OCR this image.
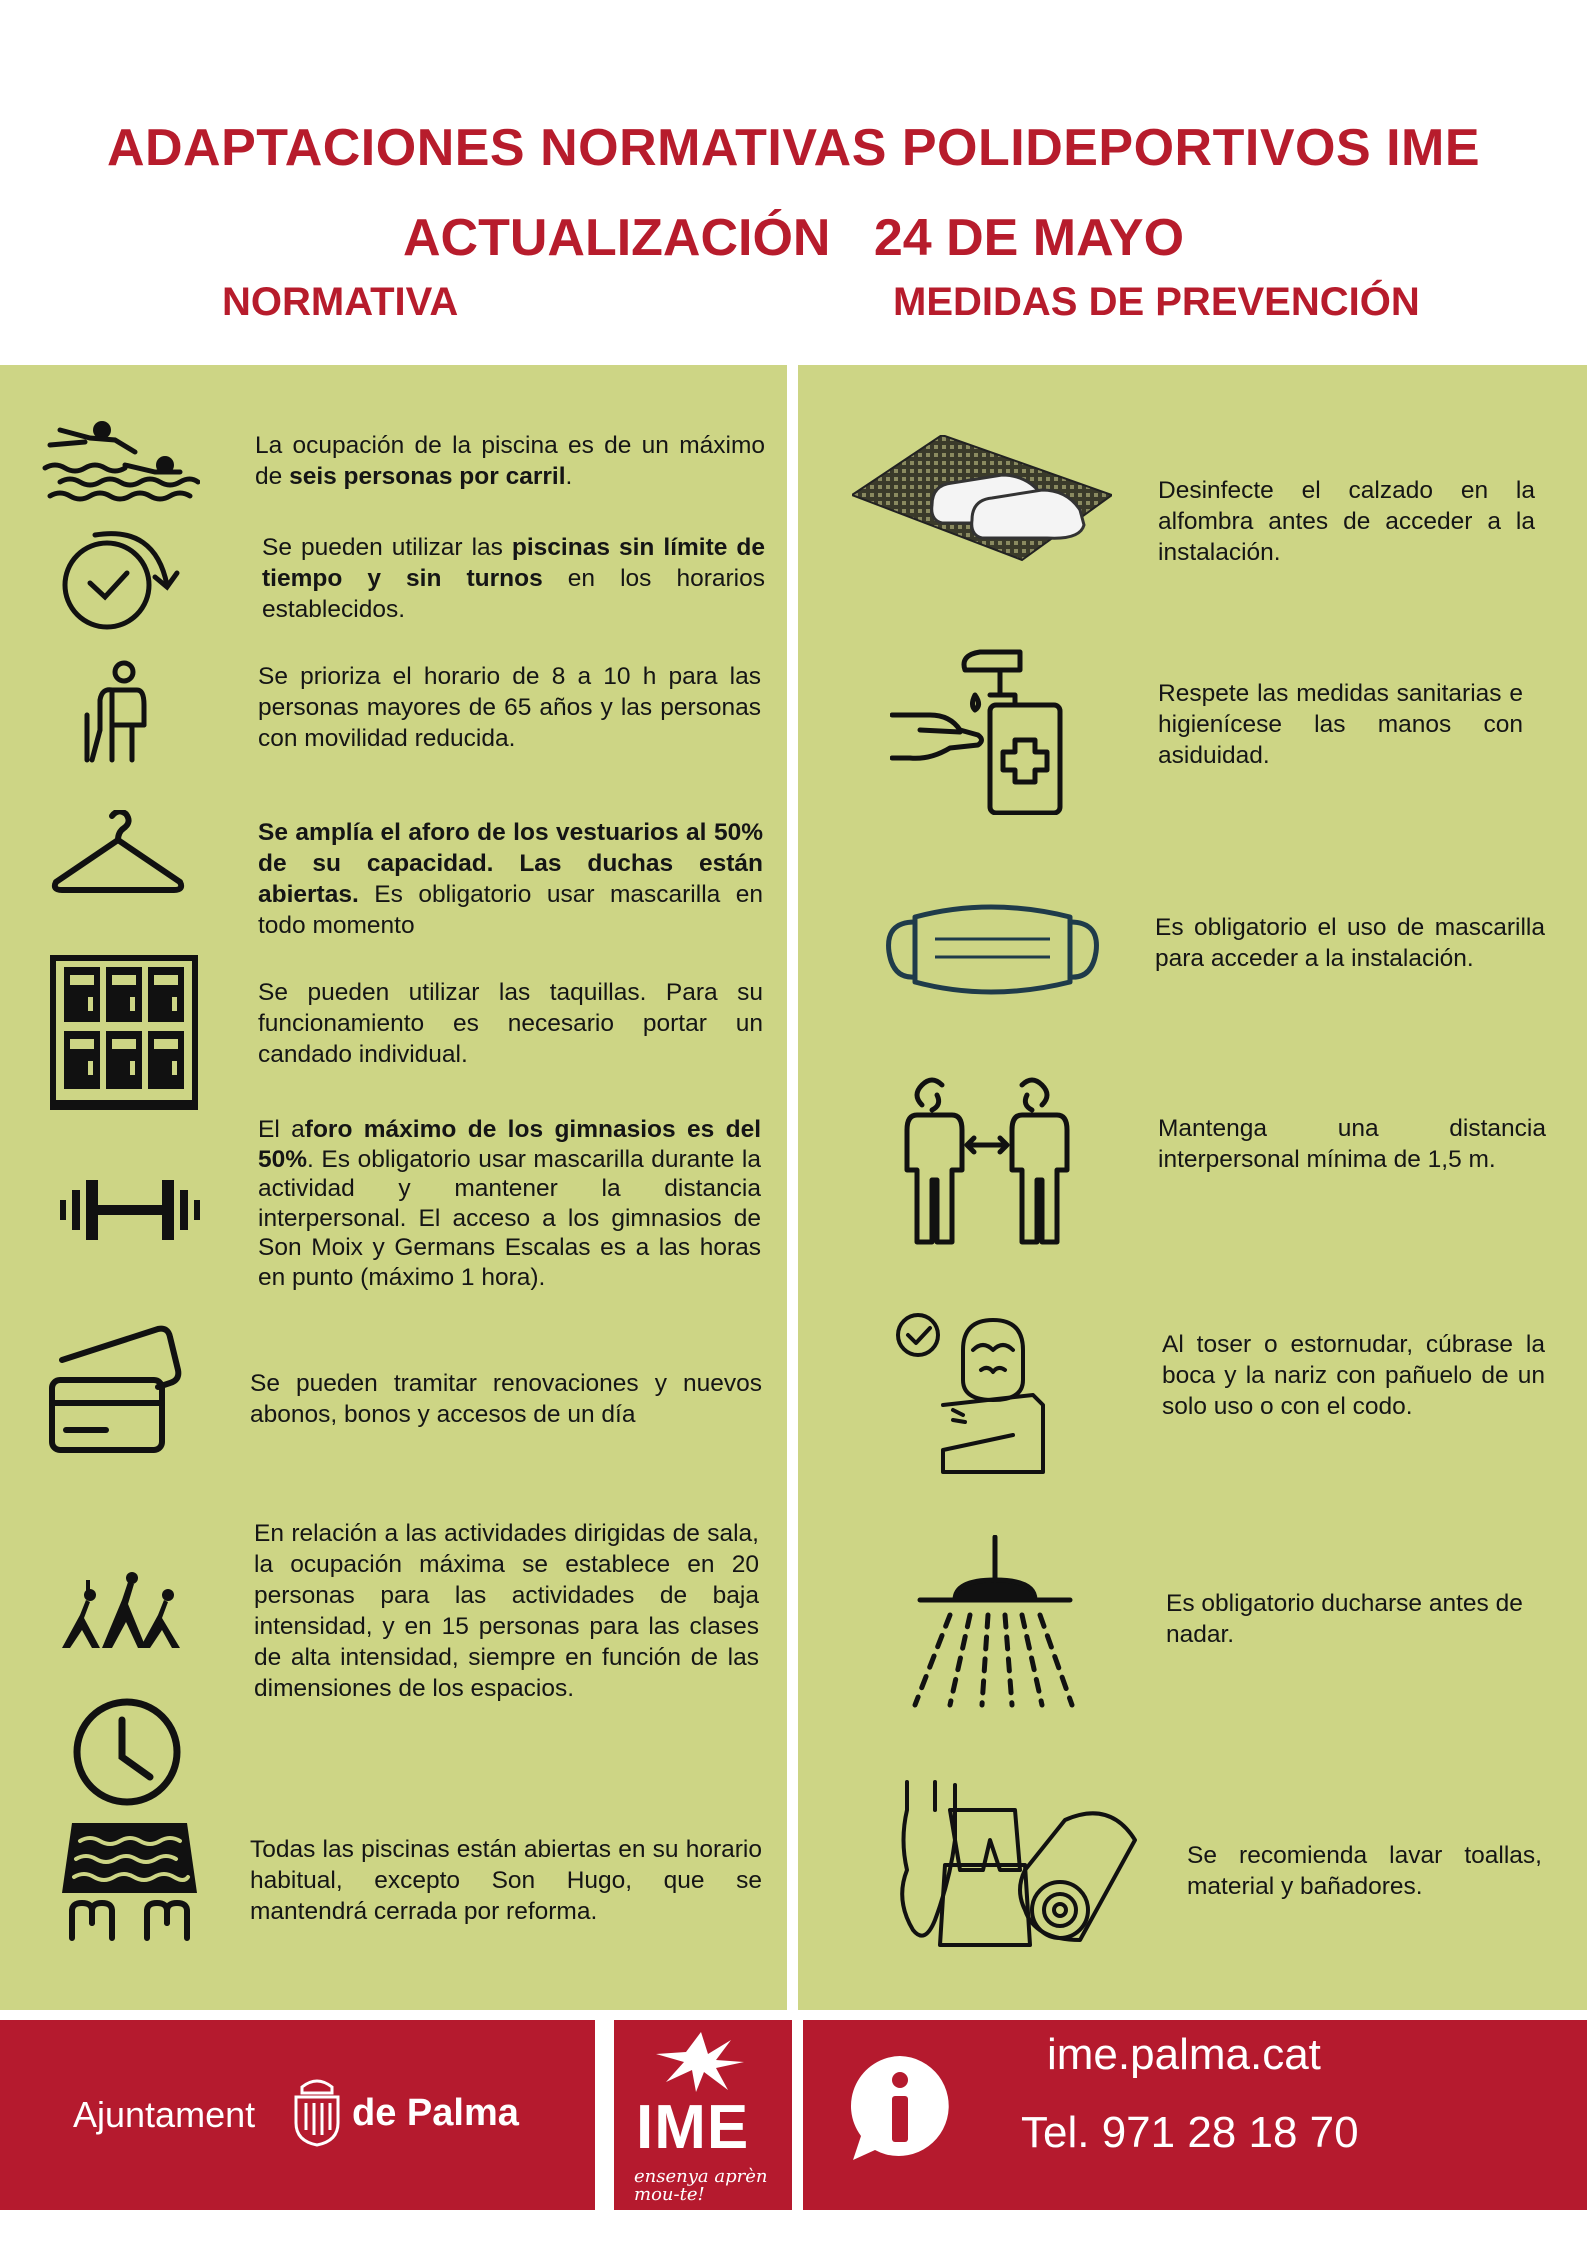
ADAPTACIONES NORMATIVAS POLIDEPORTIVOS IME
ACTUALIZACIÓN   24 DE MAYO
NORMATIVA	MEDIDAS DE PREVENCIÓN
La ocupación de la piscina es de un máximo de seis personas por carril.
Se pueden utilizar las piscinas sin límite de tiempo y sin turnos en los horarios establecidos.
Se prioriza el horario de 8 a 10 h para las personas mayores de 65 años y las personas con movilidad reducida.
Se amplía el aforo de los vestuarios al 50% de su capacidad. Las duchas están abiertas. Es obligatorio usar mascarilla en todo momento
Se pueden utilizar las taquillas. Para su funcionamiento es necesario portar un candado individual.
El aforo máximo de los gimnasios es del 50%. Es obligatorio usar mascarilla durante la actividad y mantener la distancia interpersonal. El acceso a los gimnasios de Son Moix y Germans Escalas es a las horas en punto (máximo 1 hora).
Se pueden tramitar renovaciones y nuevos abonos, bonos y accesos de un día
En relación a las actividades dirigidas de sala, la ocupación máxima se establece en 20 personas para las actividades de baja intensidad, y en 15 personas para las clases de alta intensidad, siempre en función de las dimensiones de los espacios.
Todas las piscinas están abiertas en su horario habitual, excepto Son Hugo, que se mantendrá cerrada por reforma.
Desinfecte el calzado en la alfombra antes de acceder a la instalación.
Respete las medidas sanitarias e higienícese las manos con asiduidad.
Es obligatorio el uso de mascarilla para acceder a la instalación.
Mantenga una distancia interpersonal mínima de 1,5 m.
Al toser o estornudar, cúbrase la boca y la nariz con pañuelo de un solo uso o con el codo.
Es obligatorio ducharse antes de nadar.
Se recomienda lavar toallas, material y bañadores.
Ajuntament	de Palma IME
ensenya aprèn mou-te!
ime.palma.cat
Tel. 971 28 18 70
